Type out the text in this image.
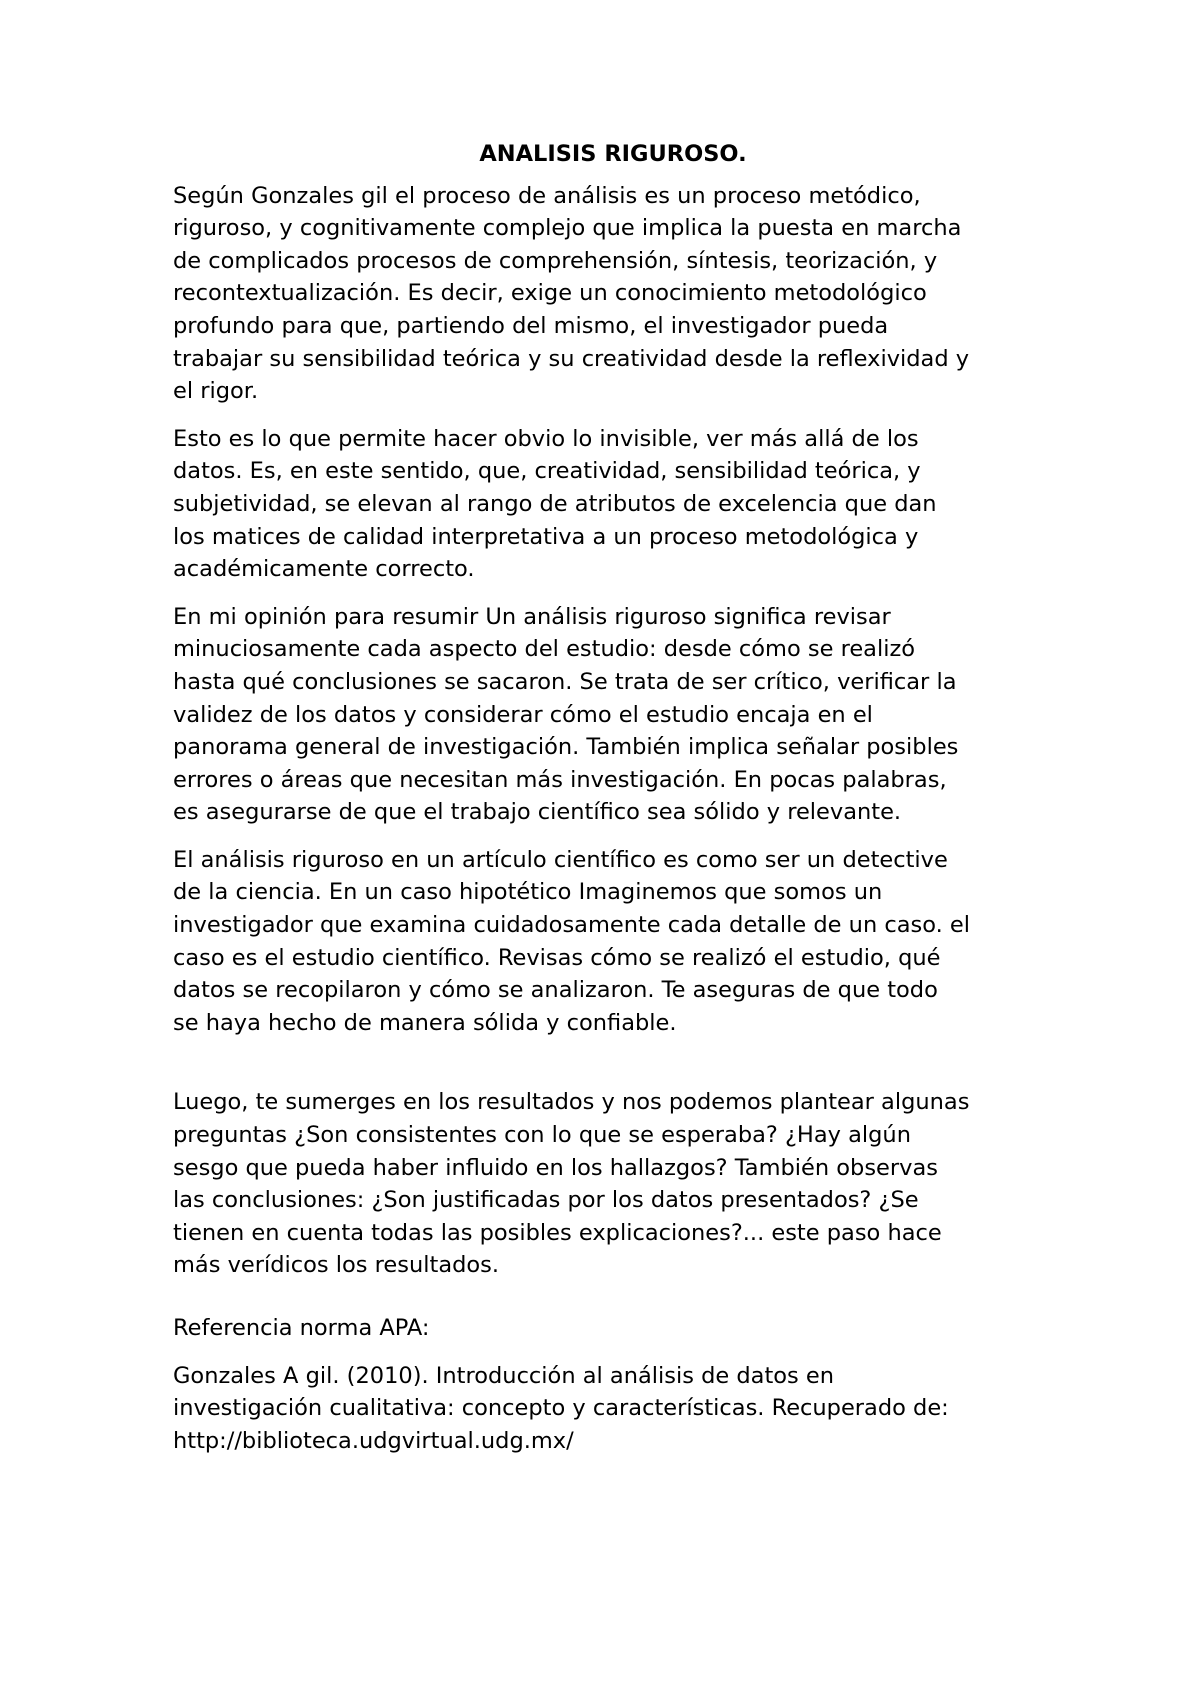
ANALISIS RIGUROSO.

Según Gonzales gil el proceso de análisis es un proceso metódico,
riguroso, y cognitivamente complejo que implica la puesta en marcha
de complicados procesos de comprehensión, síntesis, teorización, y
recontextualización. Es decir, exige un conocimiento metodológico
profundo para que, partiendo del mismo, el investigador pueda
trabajar su sensibilidad teórica y su creatividad desde la reflexividad y
el rigor.

Esto es lo que permite hacer obvio lo invisible, ver más allá de los
datos. Es, en este sentido, que, creatividad, sensibilidad teórica, y
subjetividad, se elevan al rango de atributos de excelencia que dan
los matices de calidad interpretativa a un proceso metodológica y
académicamente correcto.

En mi opinión para resumir Un análisis riguroso significa revisar
minuciosamente cada aspecto del estudio: desde cómo se realizó
hasta qué conclusiones se sacaron. Se trata de ser crítico, verificar la
validez de los datos y considerar cómo el estudio encaja en el
panorama general de investigación. También implica señalar posibles
errores o áreas que necesitan más investigación. En pocas palabras,
es asegurarse de que el trabajo científico sea sólido y relevante.

El análisis riguroso en un artículo científico es como ser un detective
de la ciencia. En un caso hipotético Imaginemos que somos un
investigador que examina cuidadosamente cada detalle de un caso. el
caso es el estudio científico. Revisas cómo se realizó el estudio, qué
datos se recopilaron y cómo se analizaron. Te aseguras de que todo
se haya hecho de manera sólida y confiable.

Luego, te sumerges en los resultados y nos podemos plantear algunas
preguntas ¿Son consistentes con lo que se esperaba? ¿Hay algún
sesgo que pueda haber influido en los hallazgos? También observas
las conclusiones: ¿Son justificadas por los datos presentados? ¿Se
tienen en cuenta todas las posibles explicaciones?... este paso hace
más verídicos los resultados.

Referencia norma APA:

Gonzales A gil. (2010). Introducción al análisis de datos en
investigación cualitativa: concepto y características. Recuperado de:
http://biblioteca.udgvirtual.udg.mx/
